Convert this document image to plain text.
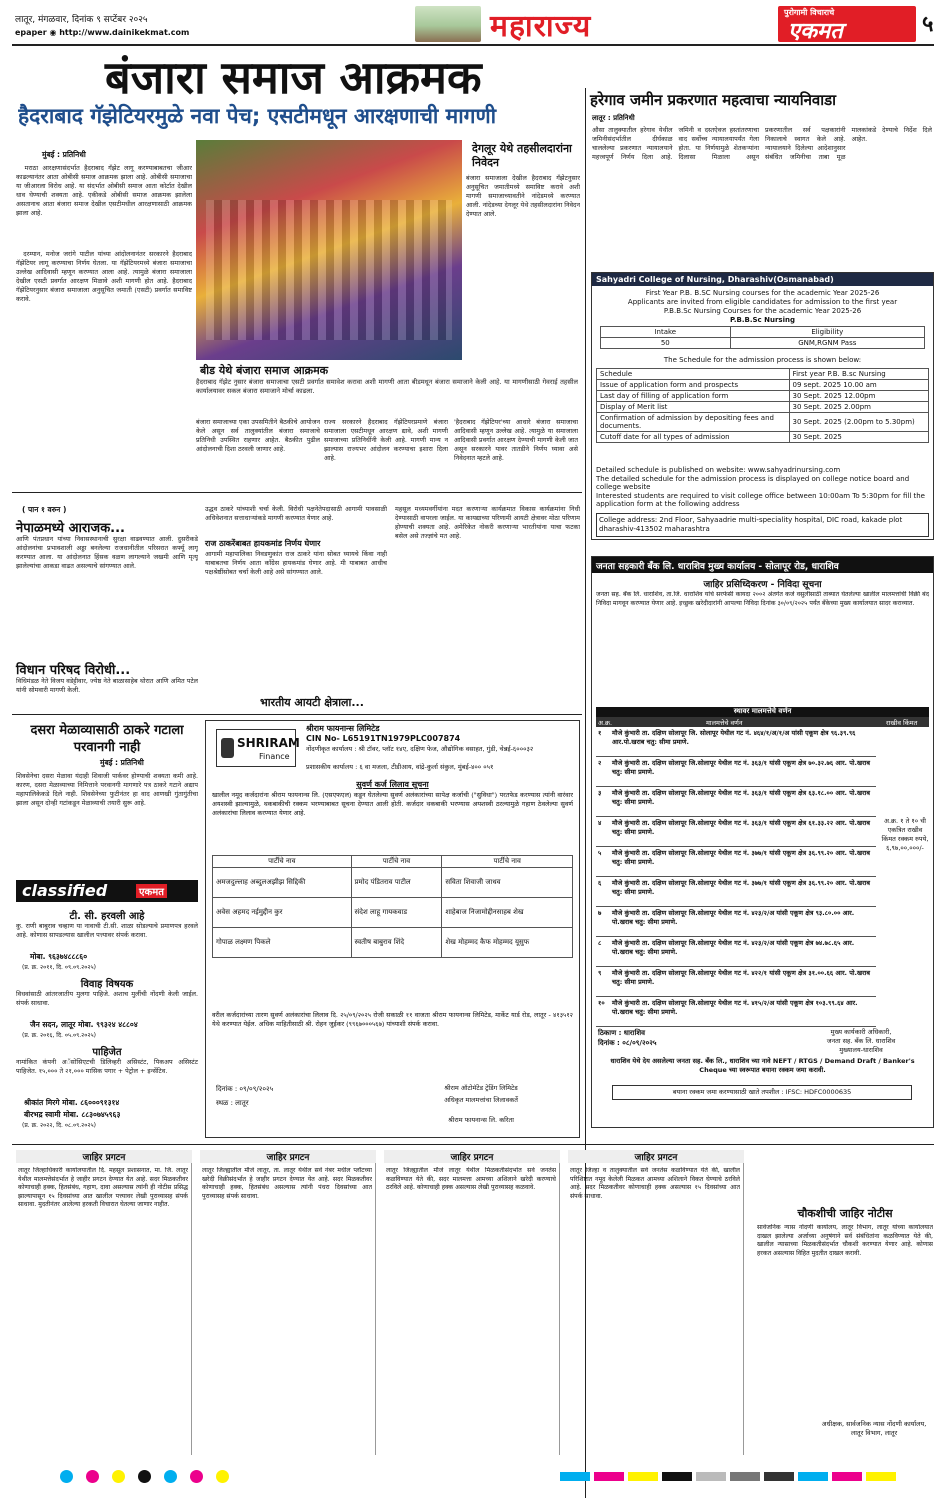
लातूर, मंगळवार, दिनांक ९ सप्टेंबर २०२५
epaper ◉ http://www.dainikekmat.com	महाराज्य	पुरोगामी विचाराचे
एकमत	५
बंजारा समाज आक्रमक
हैदराबाद गॅझेटियरमुळे नवा पेच; एसटीमधून आरक्षणाची मागणी
मुंबई : प्रतिनिधी
मराठा आरक्षणासंदर्भात हैदराबाद गॅझेट लागू करण्याबाबतचा जीआर काढल्यानंतर आता ओबीसी समाज आक्रमक झाला आहे. ओबीसी समाजाचा या जीआरला विरोध आहे. या संदर्भात ओबीसी समाज आता कोर्टात देखील धाव घेण्याची शक्यता आहे. एकीकडे ओबीसी समाज आक्रमक झालेला असतानाच आता बंजारा समाज देखील एसटीमधील आरक्षणासाठी आक्रमक झाला आहे.
दरम्यान, मनोज जरांगे पाटील यांच्या आंदोलनानंतर सरकारने हैदराबाद गॅझेटियर लागू करण्याचा निर्णय घेतला. या गॅझेटियरमध्ये बंजारा समाजाचा उल्लेख आदिवासी म्हणून करण्यात आला आहे. त्यामुळे बंजारा समाजाला देखील एसटी प्रवर्गात आरक्षण मिळावे अशी मागणी होत आहे. हैदराबाद गॅझेटियरनुसार बंजारा समाजाला अनुसूचित जमाती (एसटी) प्रवर्गात समाविष्ट करावे.
बीड येथे बंजारा समाज आक्रमक
हैदराबाद गॅझेट नुसार बंजारा समाजाचा एसटी प्रवर्गात समावेश करावा अशी मागणी आता बीडमधून बंजारा समाजाने केली आहे. या मागणीसाठी गेवराई तहसील कार्यालयावर सकल बंजारा समाजाने मोर्चा काढला.
देगलूर येथे तहसीलदारांना निवेदन
बंजारा समाजाला देखील हैदराबाद गॅझेटनुसार अनुसूचित जमातीमध्ये समाविष्ट करावे अशी मागणी समाजाच्यावतीने नांदेडमध्ये करण्यात आली. नांदेडच्या देगलूर येथे तहसीलदारांना निवेदन देण्यात आले.
बंजारा समाजाच्या एका उपसमितीने बैठकीचे आयोजन केले असून सर्व तालुक्यांतील बंजारा समाजाचे प्रतिनिधी उपस्थित राहणार आहेत. बैठकीत पुढील आंदोलनाची दिशा ठरवली जाणार आहे.
राज्य सरकारने हैदराबाद गॅझेटियरप्रमाणे बंजारा समाजाला एसटीमधून आरक्षण द्यावे, अशी मागणी समाजाच्या प्रतिनिधींनी केली आहे. मागणी मान्य न झाल्यास राज्यभर आंदोलन करण्याचा इशारा दिला आहे.
'हैदराबाद गॅझेटियर'च्या आधारे बंजारा समाजाचा आदिवासी म्हणून उल्लेख आहे. त्यामुळे या समाजाला आदिवासी प्रवर्गात आरक्षण देण्याची मागणी केली जात असून सरकारने यावर तातडीने निर्णय घ्यावा असे निवेदनात म्हटले आहे.
हरेगाव जमीन प्रकरणात महत्वाचा न्यायनिवाडा
लातूर : प्रतिनिधी
औसा तालुक्यातील हरेगाव येथील जमिनीसंदर्भातील दीर्घकाळ चाललेल्या प्रकरणात न्यायालयाने महत्त्वपूर्ण निर्णय दिला आहे. जमिनी व दस्तऐवज हस्तांतरणाचा वाद सर्वोच्च न्यायालयापर्यंत गेला होता. या निर्णयामुळे शेतकऱ्यांना दिलासा मिळाला असून प्रकरणातील सर्व पक्षकारांनी निकालाचे स्वागत केले आहे. न्यायालयाने दिलेल्या आदेशानुसार संबंधित जमिनीचा ताबा मूळ मालकांकडे देण्याचे निर्देश दिले आहेत.
Sahyadri College of Nursing, Dharashiv(Osmanabad)
First Year P.B. B.SC Nursing courses for the academic Year 2025-26
Applicants are invited from eligible candidates for admission to the first year
P.B.B.Sc Nursing Courses for the academic Year 2025-26
P.B.B.Sc Nursing
Intake	Eligibility
50	GNM,RGNM Pass
The Schedule for the admission process is shown below:
Schedule	First year P.B. B.sc Nursing
Issue of application form and prospects	09 sept. 2025 10.00 am
Last day of filling of application form	30 Sept. 2025 12.00pm
Display of Merit list	30 Sept. 2025 2.00pm
Confirmation of admission by depositing fees and documents.	30 Sept. 2025 (2.00pm to 5.30pm)
Cutoff date for all types of admission	30 Sept. 2025
Detailed schedule is published on website: www.sahyadrinursing.com
The detailed schedule for the admission process is displayed on college notice board and college website
Interested students are required to visit college office between 10:00am To 5:30pm for fill the application form at the following address
College address: 2nd Floor, Sahyaadrie multi-speciality hospital, DIC road, kakade plot dharashiv-413502 maharashtra
( पान १ वरुन )
नेपाळमध्ये आराजक...
आणि पंतप्रधान यांच्या निवासस्थानाची सुरक्षा वाढवण्यात आली. दुसरीकडे आंदोलनांचा प्रभावशाली अड्डा बनलेल्या राजधानीतील परिसरात कर्फ्यू लागू करण्यात आला. या आंदोलनात हिंसक वळण लागल्याने जखमी आणि मृत्यू झालेल्यांचा आकडा वाढत असल्याचे सांगण्यात आले.
विधान परिषद विरोधी...
विधिमंडळ नेते विजय वडेट्टीवार, ज्येष्ठ नेते बाळासाहेब थोरात आणि अमित पटेल यांनी सोमवारी मागणी केली.
उद्धव ठाकरे यांच्याशी चर्चा केली. विरोधी पक्षनेतेपदासाठी आगामी पावसाळी अधिवेशनात सत्ताधाऱ्यांकडे मागणी करण्यात येणार आहे.
राज ठाकरेंबाबत हायकमांड निर्णय घेणार
आगामी महापालिका निवडणुकांत राज ठाकरे यांना सोबत घ्यायचे किंवा नाही याबाबतचा निर्णय आता काँग्रेस हायकमांड घेणार आहे. मी याबाबत आधीच पक्षश्रेष्ठींसोबत चर्चा केली आहे असे सांगण्यात आले.
भारतीय आयटी क्षेत्राला...
महसूल मध्यमवर्गीयांना मदत करणाऱ्या कार्यक्रमात विकास कार्यक्रमांना निधी देण्यासाठी वापरला जाईल. या कायद्याच्या परिणामी आयटी क्षेत्रावर मोठा परिणाम होण्याची शक्यता आहे. अमेरिकेत नोकरी करणाऱ्या भारतीयांना याचा फटका बसेल असे तज्ज्ञांचे मत आहे.
दसरा मेळाव्यासाठी ठाकरे गटाला परवानगी नाही
मुंबई : प्रतिनिधी
शिवसेनेचा दसरा मेळावा यंदाही शिवाजी पार्कवर होण्याची शक्यता कमी आहे. कारण, दसरा मेळाव्याच्या निमित्ताने परवानगी मागणारे पत्र ठाकरे गटाने अद्याप महापालिकेकडे दिले नाही. शिवसेनेच्या फुटीनंतर हा वाद आणखी गुंतागुंतीचा झाला असून दोन्ही गटांकडून मेळाव्याची तयारी सुरू आहे.
classified	एकमत
टी. सी. हरवली आहे
कु. राणी बाबुराव चव्हाण या नावाची टी.सी. शाळा सोडल्याचे प्रमाणपत्र हरवले आहे. कोणास सापडल्यास खालील पत्त्यावर संपर्क करावा.
मोबा. ९६३७४८८८६०
(प्र. क्र. २०११, दि. ०९.०९.२०२५)
विवाह विषयक
विधवांसाठी आंतरजातीय मुलगा पाहिजे. अशाच मुलींची नोंदणी केली जाईल. संपर्क साधावा.
जैन सदन, लातूर मोबा. ९९३२४ ४८८०४
(प्र. क्र. २०१६, दि. ०५.०९.२०२५)
पाहिजेत
नामांकित कंपनी अॅसोसिएटची डिलिव्हरी असिस्टंट, पिकअप असिस्टंट पाहिजेत. १५,००० ते २१,००० मासिक पगार + पेट्रोल + इन्सेंटिव.
श्रीकांत मिरगे मोबा. ८६०००९१३१४
बीरभद्र स्वामी मोबा. ८८३०७४५९६३
(प्र. क्र. २०२२, दि. ०८.०९.२०२५)
SHRIRAM
Finance
श्रीराम फायनान्स लिमिटेड
CIN No- L65191TN1979PLC007874
नोंदणीकृत कार्यालय : श्री टॉवर, प्लॉट १४ए, दक्षिण फेज, औद्योगिक वसाहत, गुंडी, चेन्नई-६०००३२
प्रशासकीय कार्यालय : ६ वा मजला, टीडीआय, वांद्रे-कुर्ला संकुल, मुंबई-४०० ०५१
सुवर्ण कर्ज लिलाव सूचना
खालील नमूद कर्जदारांना श्रीराम फायनान्स लि. (एसएफएल) कडून घेतलेल्या सुवर्ण अलंकारांच्या सापेक्ष कर्जाची ("सुविधा") परतफेड करण्यास त्यांनी वारंवार अयशस्वी झाल्यामुळे, थकबाकीची रक्कम भरण्याबाबत सूचना देण्यात आली होती. कर्जदार थकबाकी भरण्यास अयशस्वी ठरल्यामुळे गहाण ठेवलेल्या सुवर्ण अलंकारांचा लिलाव करण्यात येणार आहे.
पार्टीचे नाव	पार्टीचे नाव	पार्टीचे नाव
अमजदुल्लाह अब्दुलअझीझ सिद्दिकी	प्रमोद पंडितराव पाटील	सविता शिवाजी जाधव
अवेस अहमद नईमुद्दीन कुर	संदेश लाहू गायकवाड	शाहेबाज निजामोद्दीनसाहब शेख
गोपाळ लक्ष्मण पिकले	स्वतीष बाबुराव शिंदे	शेख मोहम्मद कैफ मोहम्मद यूसुफ
वरील कर्जदारांच्या तारण सुवर्ण अलंकारांचा लिलाव दि. २५/०९/२०२५ रोजी सकाळी ११ वाजता श्रीराम फायनान्स लिमिटेड, मार्केट यार्ड रोड, लातूर - ४१३५१२ येथे करण्यात येईल. अधिक माहितीसाठी श्री. रोहन जुईकर (९९६७०००५६७) यांच्याशी संपर्क करावा.
दिनांक : ०९/०९/२०२५
स्थळ : लातूर
श्रीराम ऑटोमॅटेड ट्रेडिंग लिमिटेड
अधिकृत मालमत्तांचा लिलावकर्ते
श्रीराम फायनान्स लि. करिता
जनता सहकारी बँक लि. धाराशिव मुख्य कार्यालय - सोलापूर रोड, धाराशिव
जाहिर प्रसिध्दिकरण - निविदा सूचना
जनता सह. बँक लि. धाराशिव, ता.जि. धाराशिव यांचे सरफेसी कायदा २००२ अंतर्गत कर्ज वसुलीसाठी ताब्यात घेतलेल्या खालील मालमत्तांची विक्री बंद निविदा मागवून करण्यात येणार आहे. इच्छुक खरेदीदारांनी आपल्या निविदा दिनांक ३०/०९/२०२५ पर्यंत बँकेच्या मुख्य कार्यालयात सादर कराव्यात.
स्थावर मालमत्तेचे वर्णन
अ.क्र.	मालमत्तेचे वर्णन	राखीव किंमत
१	मौजे कुंभारी ता. दक्षिण सोलापूर जि. सोलापूर येथील गट नं. ४६४/१/अ/१/अ यांसी एकूण क्षेत्र ९६.३९.९६ आर.पो.खराब चतु: सीमा प्रमाणे.
२	मौजे कुंभारी ता. दक्षिण सोलापूर जि.सोलापूर येथील गट नं. ३६३/१ यांसी एकूण क्षेत्र ७०.३२.७६ आर. पो.खराब चतु: सीमा प्रमाणे.
३	मौजे कुंभारी ता. दक्षिण सोलापूर जि.सोलापूर येथील गट नं. ३६३/१ यांसी एकूण क्षेत्र ६३.१८.०० आर. पो.खराब चतु: सीमा प्रमाणे.
४	मौजे कुंभारी ता. दक्षिण सोलापूर जि.सोलापूर येथील गट नं. ३६३/१ यांसी एकूण क्षेत्र ६१.३३.२२ आर. पो.खराब चतु: सीमा प्रमाणे.
५	मौजे कुंभारी ता. दक्षिण सोलापूर जि.सोलापूर येथील गट नं. ३७७/१ यांसी एकूण क्षेत्र ३६.९९.२० आर. पो.खराब चतु: सीमा प्रमाणे.
६	मौजे कुंभारी ता. दक्षिण सोलापूर जि.सोलापूर येथील गट नं. ३७७/१ यांसी एकूण क्षेत्र ३६.९९.२० आर. पो.खराब चतु: सीमा प्रमाणे.
७	मौजे कुंभारी ता. दक्षिण सोलापूर जि.सोलापूर येथील गट नं. ४२३/२/अ यांसी एकूण क्षेत्र ९३.८०.०० आर. पो.खराब चतु: सीमा प्रमाणे.
८	मौजे कुंभारी ता. दक्षिण सोलापूर जि.सोलापूर येथील गट नं. ४२३/२/अ यांसी एकूण क्षेत्र ७४.७८.६५ आर. पो.खराब चतु: सीमा प्रमाणे.
९	मौजे कुंभारी ता. दक्षिण सोलापूर जि.सोलापूर येथील गट नं. ४२२/१ यांसी एकूण क्षेत्र ३१.००.६६ आर. पो.खराब चतु: सीमा प्रमाणे.
१०	मौजे कुंभारी ता. दक्षिण सोलापूर जि.सोलापूर येथील गट नं. ४१५/२/अ यांसी एकूण क्षेत्र १०३.९९.६४ आर. पो.खराब चतु: सीमा प्रमाणे.
अ.क्र. १ ते १० ची एकत्रित राखीव किंमत रक्कम रुपये, ६,९७,००,०००/-
ठिकाण : धाराशिव
दिनांक : ०८/०९/२०२५
मुख्य कार्यकारी अधिकारी,
जनता सह. बँक लि. धाराशिव
मुख्यालय-धाराशिव
धाराशिव येथे देय असलेल्या जनता सह. बँक लि., धाराशिव च्या नावे NEFT / RTGS / Demand Draft / Banker's Cheque च्या स्वरूपात बयाना रक्कम जमा करावी.
बयाना रक्कम जमा करण्यासाठी खाते तपशील : IFSC: HDFC0000635
जाहिर प्रगटन
लातूर जिल्हाधिकारी कार्यालयातील दि. महसूल प्रशासनात, मा. जि. लातूर येथील मालमत्तेसंदर्भात हे जाहीर प्रगटन देण्यात येत आहे. सदर मिळकतीवर कोणाचाही हक्क, हितसंबंध, गहाण, दावा असल्यास त्यांनी ही नोटीस प्रसिद्ध झाल्यापासून १५ दिवसांच्या आत खालील पत्त्यावर लेखी पुराव्यासह संपर्क साधावा. मुदतीनंतर आलेल्या हरकती विचारात घेतल्या जाणार नाहीत.
जाहिर प्रगटन
लातूर जिल्ह्यातील मौजे लातूर, ता. लातूर येथील सर्वे नंबर मधील प्लॉटच्या खरेदी विक्रीसंदर्भात हे जाहीर प्रगटन देण्यात येत आहे. सदर मिळकतीवर कोणाचाही हक्क, हितसंबंध असल्यास त्यांनी पंधरा दिवसांच्या आत पुराव्यासह संपर्क साधावा.
जाहिर प्रगटन
लातूर जिल्ह्यातील मौजे लातूर येथील मिळकतीसंदर्भात सर्व जनतेस कळविण्यात येते की, सदर मालमत्ता आमच्या अशिलाने खरेदी करण्याचे ठरविले आहे. कोणाचाही हक्क असल्यास लेखी पुराव्यासह कळवावे.
जाहिर प्रगटन
लातूर जिल्हा व तालुक्यातील सर्व जनतेस कळविण्यात येते की, खालील परिशिष्टात नमूद केलेली मिळकत आमच्या अशिलाने विकत घेण्याचे ठरविले आहे. सदर मिळकतीवर कोणाचाही हक्क असल्यास १५ दिवसांच्या आत संपर्क साधावा.
चौकशीची जाहिर नोटीस
सार्वजनिक न्यास नोंदणी कार्यालय, लातूर विभाग, लातूर यांच्या कार्यालयात दाखल झालेल्या अर्जाच्या अनुषंगाने सर्व संबंधितांना कळविण्यात येते की, खालील न्यासाच्या मिळकतीसंदर्भात चौकशी करण्यात येणार आहे. कोणास हरकत असल्यास विहित मुदतीत दाखल करावी.
अधीक्षक, सार्वजनिक न्यास नोंदणी कार्यालय, लातूर विभाग, लातूर
